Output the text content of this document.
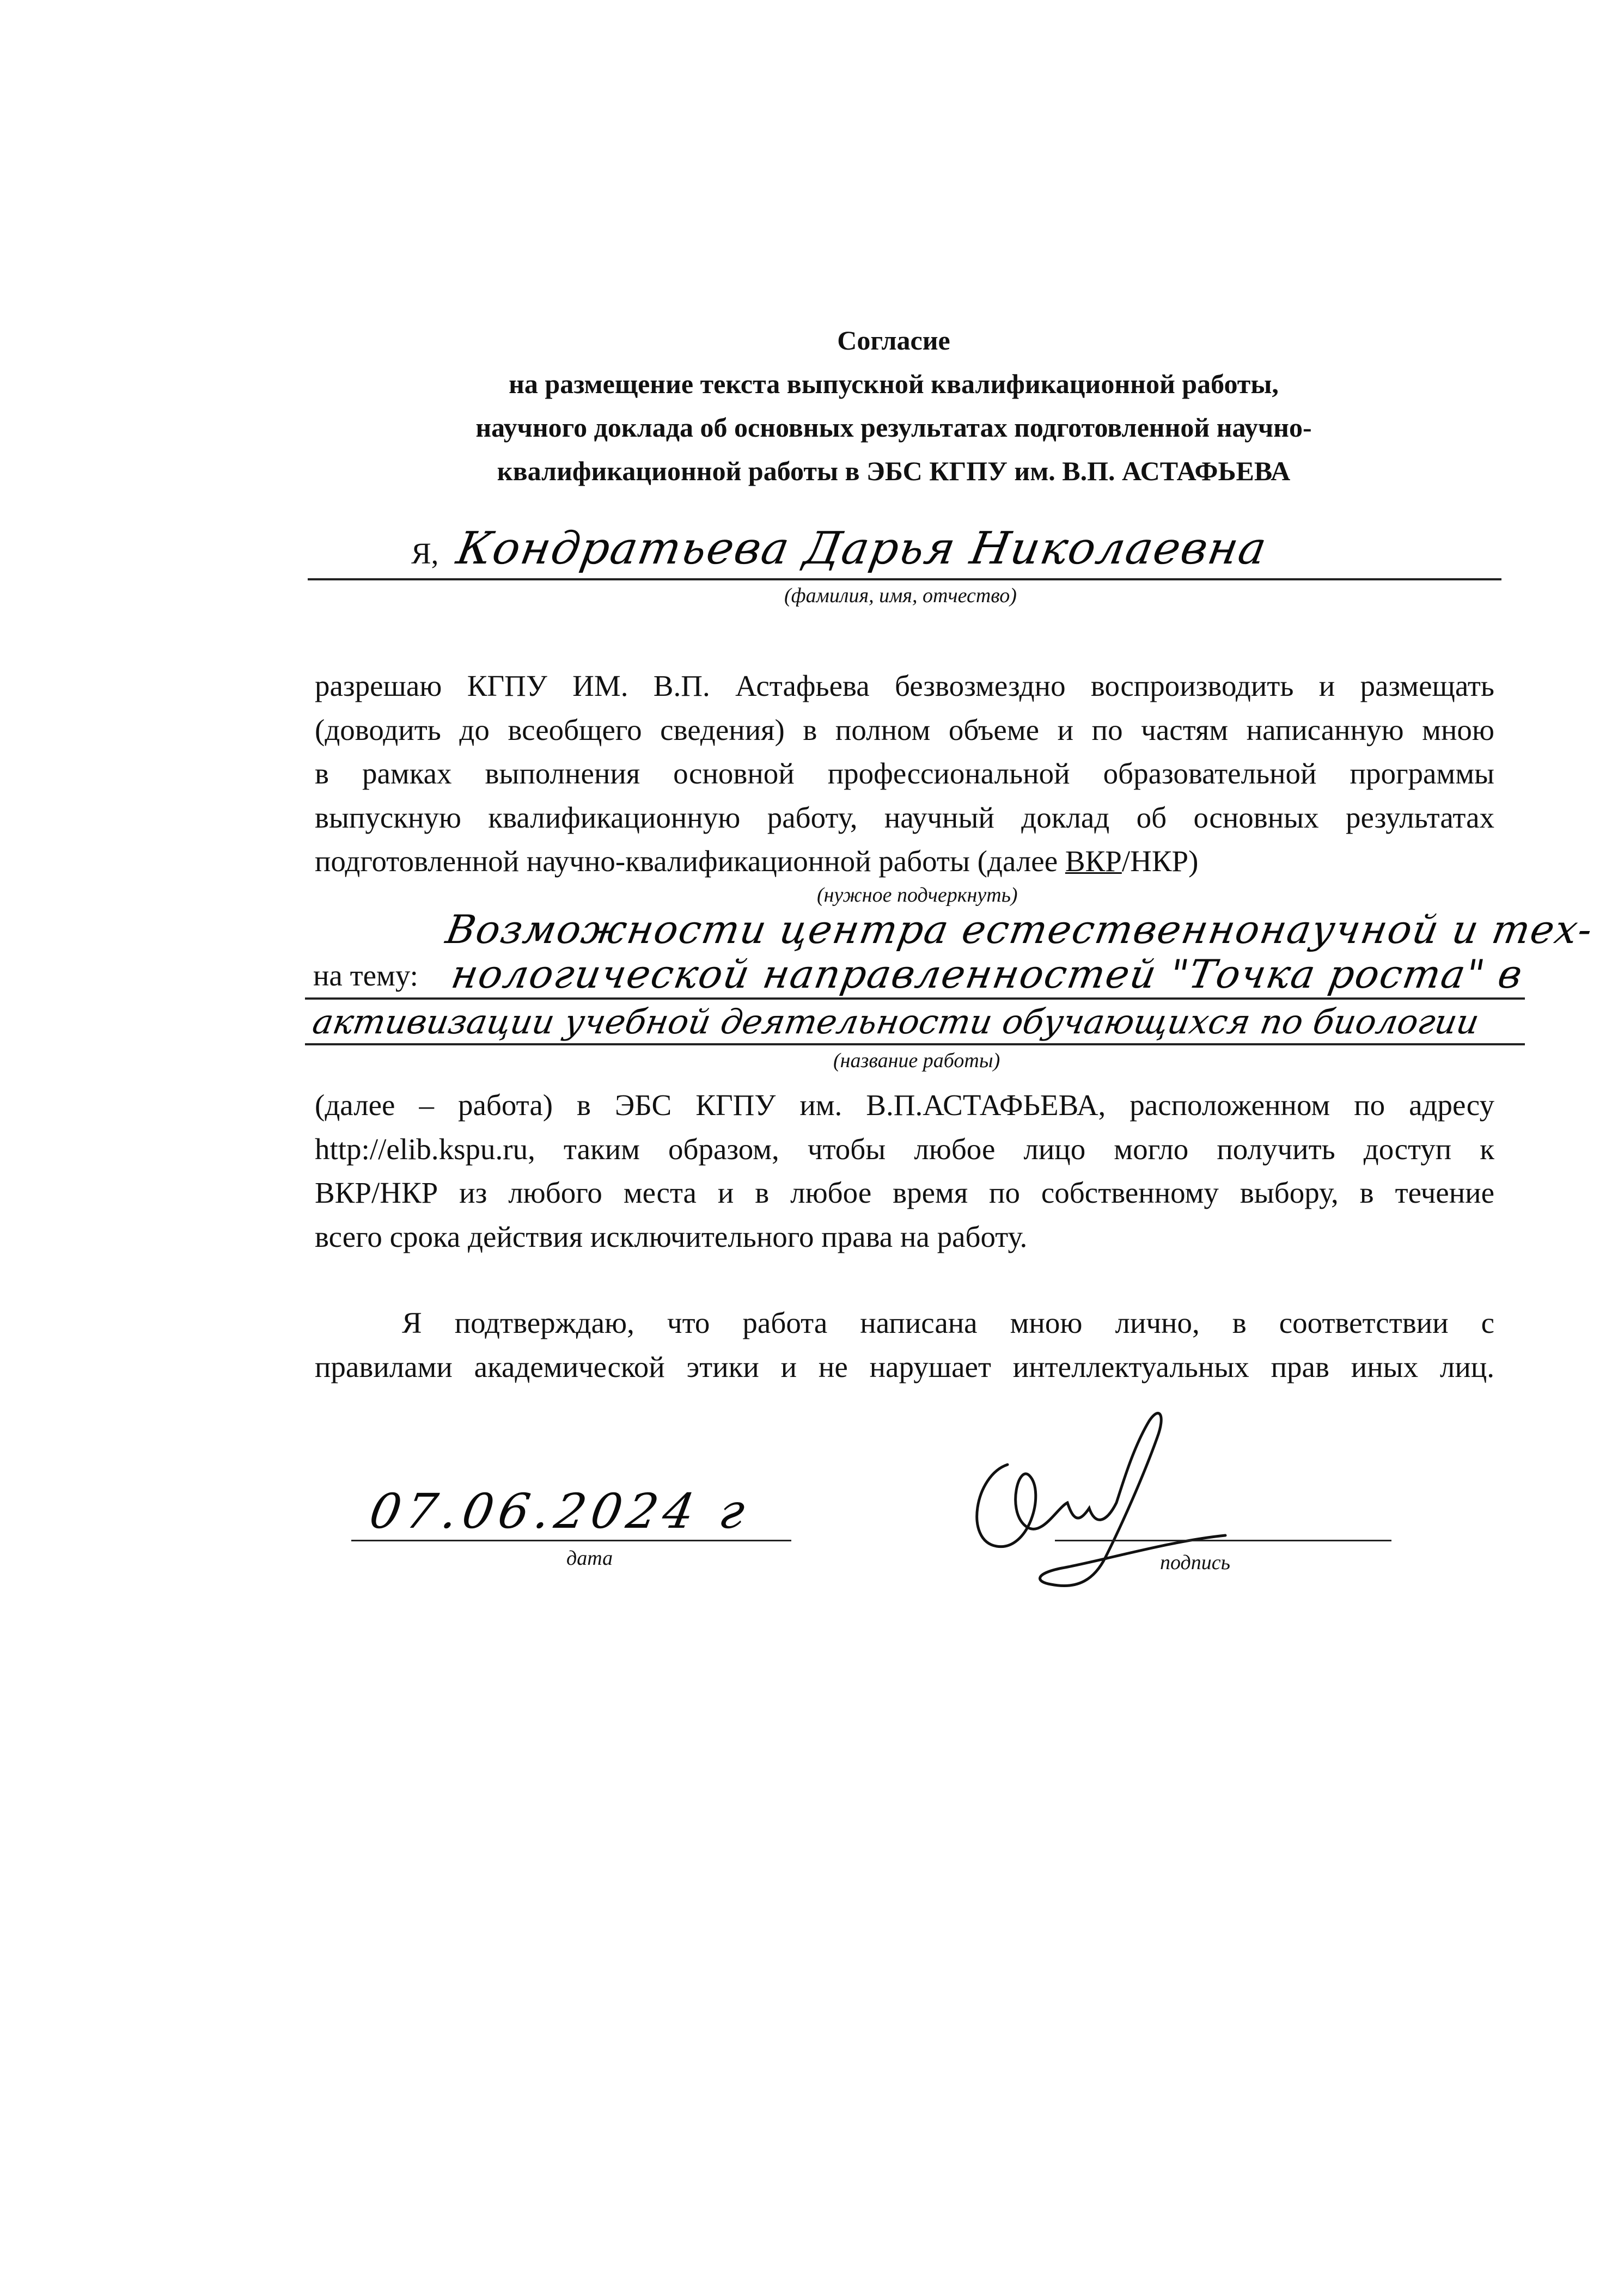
Согласие
на размещение текста выпускной квалификационной работы,
научного доклада об основных результатах подготовленной научно-
квалификационной работы в ЭБС КГПУ им. В.П. АСТАФЬЕВА
Я, Кондратьева Дарья Николаевна
(фамилия, имя, отчество)
разрешаю КГПУ ИМ. В.П. Астафьева безвозмездно воспроизводить и размещать
(доводить до всеобщего сведения) в полном объеме и по частям написанную мною
в рамках выполнения основной профессиональной образовательной программы
выпускную квалификационную работу, научный доклад об основных результатах
подготовленной научно-квалификационной работы (далее ВКР/НКР)
(нужное подчеркнуть)
Возможности центра естественнонаучной и тех-
на тему: нологической направленностей "Точка роста" в
активизации учебной деятельности обучающихся по биологии
(название работы)
(далее – работа) в ЭБС КГПУ им. В.П.АСТАФЬЕВА, расположенном по адресу
http://elib.kspu.ru, таким образом, чтобы любое лицо могло получить доступ к
ВКР/НКР из любого места и в любое время по собственному выбору, в течение
всего срока действия исключительного права на работу.
Я подтверждаю, что работа написана мною лично, в соответствии с
правилами академической этики и не нарушает интеллектуальных прав иных лиц.
07.06.2024 г
дата	подпись
